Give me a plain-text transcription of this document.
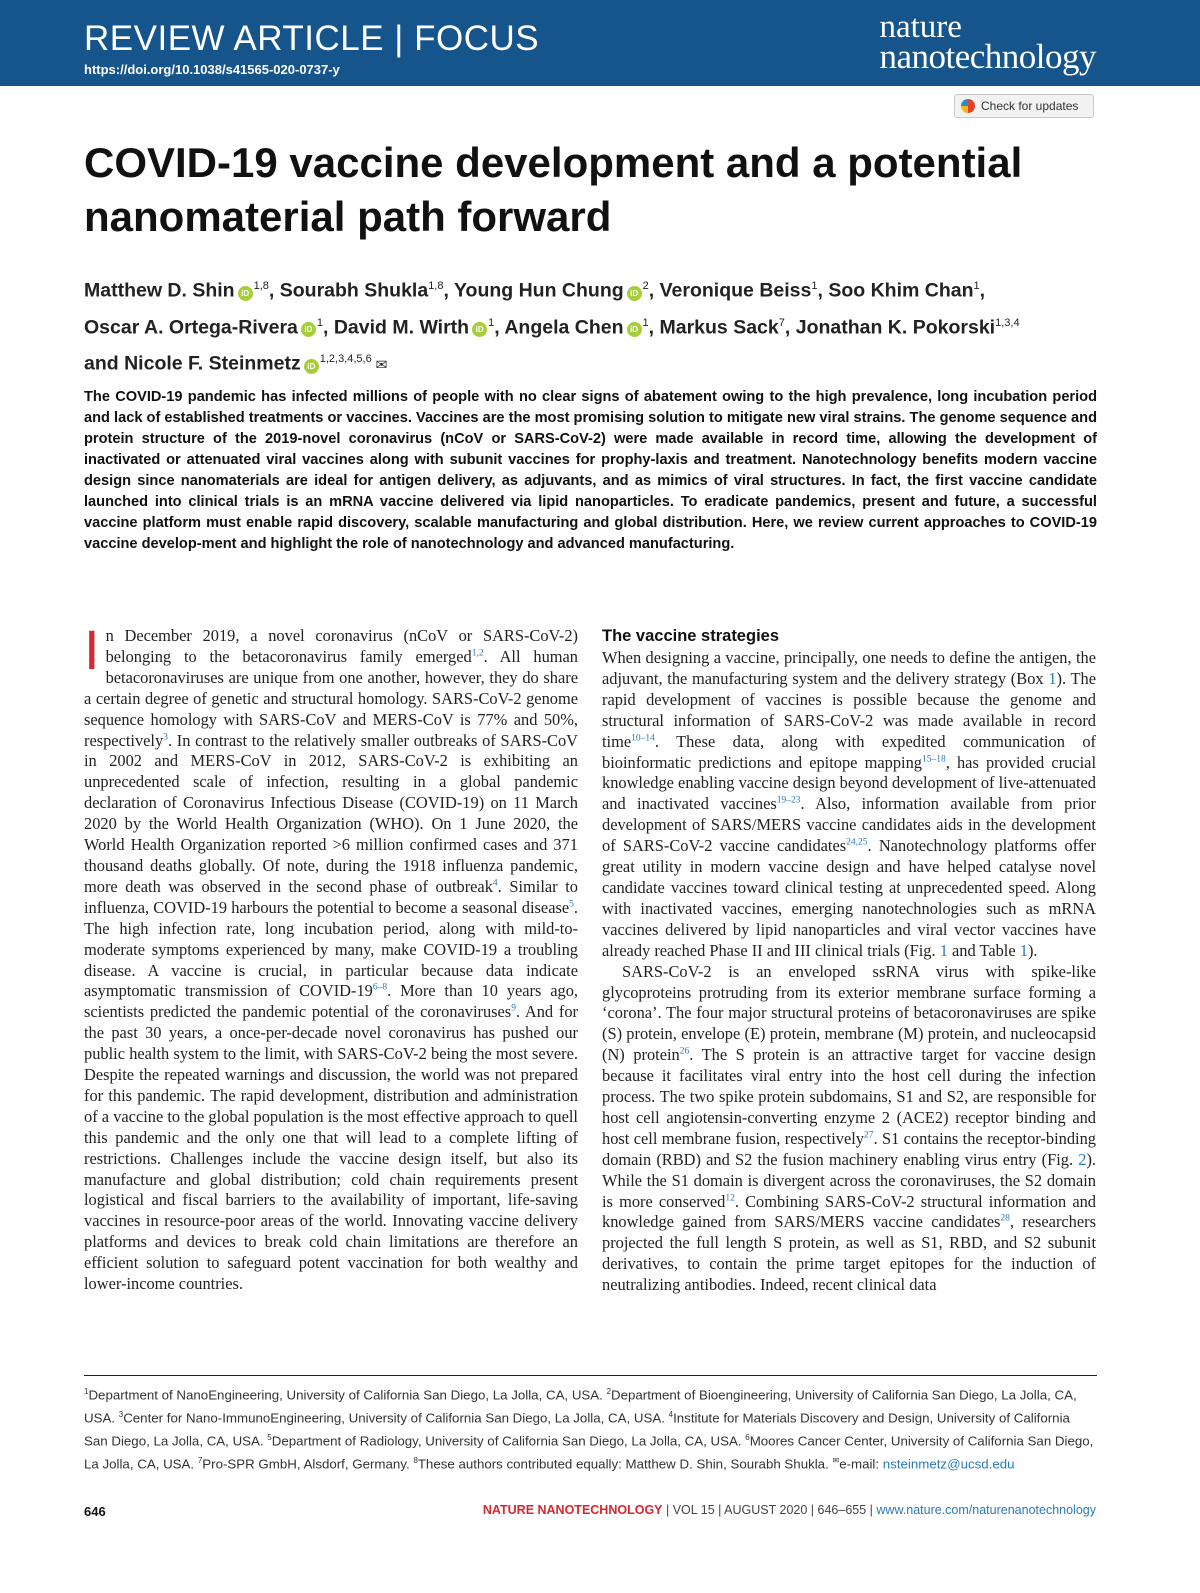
REVIEW ARTICLE | FOCUS
https://doi.org/10.1038/s41565-020-0737-y
nature
nanotechnology
Check for updates
COVID-19 vaccine development and a potential nanomaterial path forward
Matthew D. Shin iD$^{1,8}$, Sourabh Shukla$^{1,8}$, Young Hun Chung $iD^2$, Veronique Beiss$^1$, Soo Khim Chan$^1$,
Oscar A. Ortega-Rivera $iD^1$, David M. Wirth $iD^1$, Angela Chen $iD^1$, Markus Sack$^7$, Jonathan K. Pokorski$^{1,3,4}$
and Nicole F. Steinmetz iD$^{1,2,3,4,5,6}$ ✉

The COVID-19 pandemic has infected millions of people with no clear signs of abatement owing to the high prevalence, long incubation period and lack of established treatments or vaccines. Vaccines are the most promising solution to mitigate new viral strains. The genome sequence and protein structure of the 2019-novel coronavirus (nCoV or SARS-CoV-2) were made available in record time, allowing the development of inactivated or attenuated viral vaccines along with subunit vaccines for prophy-laxis and treatment. Nanotechnology benefits modern vaccine design since nanomaterials are ideal for antigen delivery, as adjuvants, and as mimics of viral structures. In fact, the first vaccine candidate launched into clinical trials is an mRNA vaccine delivered via lipid nanoparticles. To eradicate pandemics, present and future, a successful vaccine platform must enable rapid discovery, scalable manufacturing and global distribution. Here, we review current approaches to COVID-19 vaccine develop-ment and highlight the role of nanotechnology and advanced manufacturing.

In December 2019, a novel coronavirus (nCoV or SARS-CoV-2) belonging to the betacoronavirus family emerged$^{1,2}$. All human betacoronaviruses are unique from one another, however, they do share a certain degree of genetic and structural homology. SARS-CoV-2 genome sequence homology with SARS-CoV and MERS-CoV is 77% and 50%, respectively$^3$. In contrast to the relatively smaller outbreaks of SARS-CoV in 2002 and MERS-CoV in 2012, SARS-CoV-2 is exhibiting an unprecedented scale of infection, resulting in a global pandemic declaration of Coronavirus Infectious Disease (COVID-19) on 11 March 2020 by the World Health Organization (WHO). On 1 June 2020, the World Health Organization reported >6 million confirmed cases and 371 thousand deaths globally. Of note, during the 1918 influenza pandemic, more death was observed in the second phase of outbreak$^4$. Similar to influenza, COVID-19 harbours the potential to become a seasonal disease$^5$. The high infection rate, long incubation period, along with mild-to-moderate symptoms experienced by many, make COVID-19 a troubling disease. A vaccine is crucial, in particular because data indicate asymptomatic transmission of COVID-19$^{6-8}$. More than 10 years ago, scientists predicted the pandemic potential of the coronaviruses$^9$. And for the past 30 years, a once-per-decade novel coronavirus has pushed our public health system to the limit, with SARS-CoV-2 being the most severe. Despite the repeated warnings and discussion, the world was not prepared for this pandemic. The rapid development, distribution and administration of a vaccine to the global population is the most effective approach to quell this pandemic and the only one that will lead to a complete lifting of restrictions. Challenges include the vaccine design itself, but also its manufacture and global distribution; cold chain requirements present logistical and fiscal barriers to the availability of important, life-saving vaccines in resource-poor areas of the world. Innovating vaccine delivery platforms and devices to break cold chain limitations are therefore an efficient solution to safeguard potent vaccination for both wealthy and lower-income countries.

The vaccine strategies

When designing a vaccine, principally, one needs to define the antigen, the adjuvant, the manufacturing system and the delivery strategy (Box 1). The rapid development of vaccines is possible because the genome and structural information of SARS-CoV-2 was made available in record time$^{10-14}$. These data, along with expedited communication of bioinformatic predictions and epitope mapping$^{15-18}$, has provided crucial knowledge enabling vaccine design beyond development of live-attenuated and inactivated vaccines$^{19-23}$. Also, information available from prior development of SARS/MERS vaccine candidates aids in the development of SARS-CoV-2 vaccine candidates$^{24,25}$. Nanotechnology platforms offer great utility in modern vaccine design and have helped catalyse novel candidate vaccines toward clinical testing at unprecedented speed. Along with inactivated vaccines, emerging nanotechnologies such as mRNA vaccines delivered by lipid nanoparticles and viral vector vaccines have already reached Phase II and III clinical trials (Fig. 1 and Table 1).

SARS-CoV-2 is an enveloped ssRNA virus with spike-like glycoproteins protruding from its exterior membrane surface forming a ‘corona’. The four major structural proteins of betacoronaviruses are spike (S) protein, envelope (E) protein, membrane (M) protein, and nucleocapsid (N) protein$^{26}$. The S protein is an attractive target for vaccine design because it facilitates viral entry into the host cell during the infection process. The two spike protein subdomains, S1 and S2, are responsible for host cell angiotensin-converting enzyme 2 (ACE2) receptor binding and host cell membrane fusion, respectively$^{27}$. S1 contains the receptor-binding domain (RBD) and S2 the fusion machinery enabling virus entry (Fig. 2). While the S1 domain is divergent across the coronaviruses, the S2 domain is more conserved$^{12}$. Combining SARS-CoV-2 structural information and knowledge gained from SARS/MERS vaccine candidates$^{28}$, researchers projected the full length S protein, as well as S1, RBD, and S2 subunit derivatives, to contain the prime target epitopes for the induction of neutralizing antibodies. Indeed, recent clinical data

$^1$Department of NanoEngineering, University of California San Diego, La Jolla, CA, USA. $^2$Department of Bioengineering, University of California San Diego, La Jolla, CA, USA. $^3$Center for Nano-ImmunoEngineering, University of California San Diego, La Jolla, CA, USA. $^4$Institute for Materials Discovery and Design, University of California San Diego, La Jolla, CA, USA. $^5$Department of Radiology, University of California San Diego, La Jolla, CA, USA. $^6$Moores Cancer Center, University of California San Diego, La Jolla, CA, USA. $^7$Pro-SPR GmbH, Alsdorf, Germany. $^8$These authors contributed equally: Matthew D. Shin, Sourabh Shukla. ✉e-mail: nsteinmetz@ucsd.edu
646	NATURE NANOTECHNOLOGY | VOL 15 | AUGUST 2020 | 646–655 | www.nature.com/naturenanotechnology
